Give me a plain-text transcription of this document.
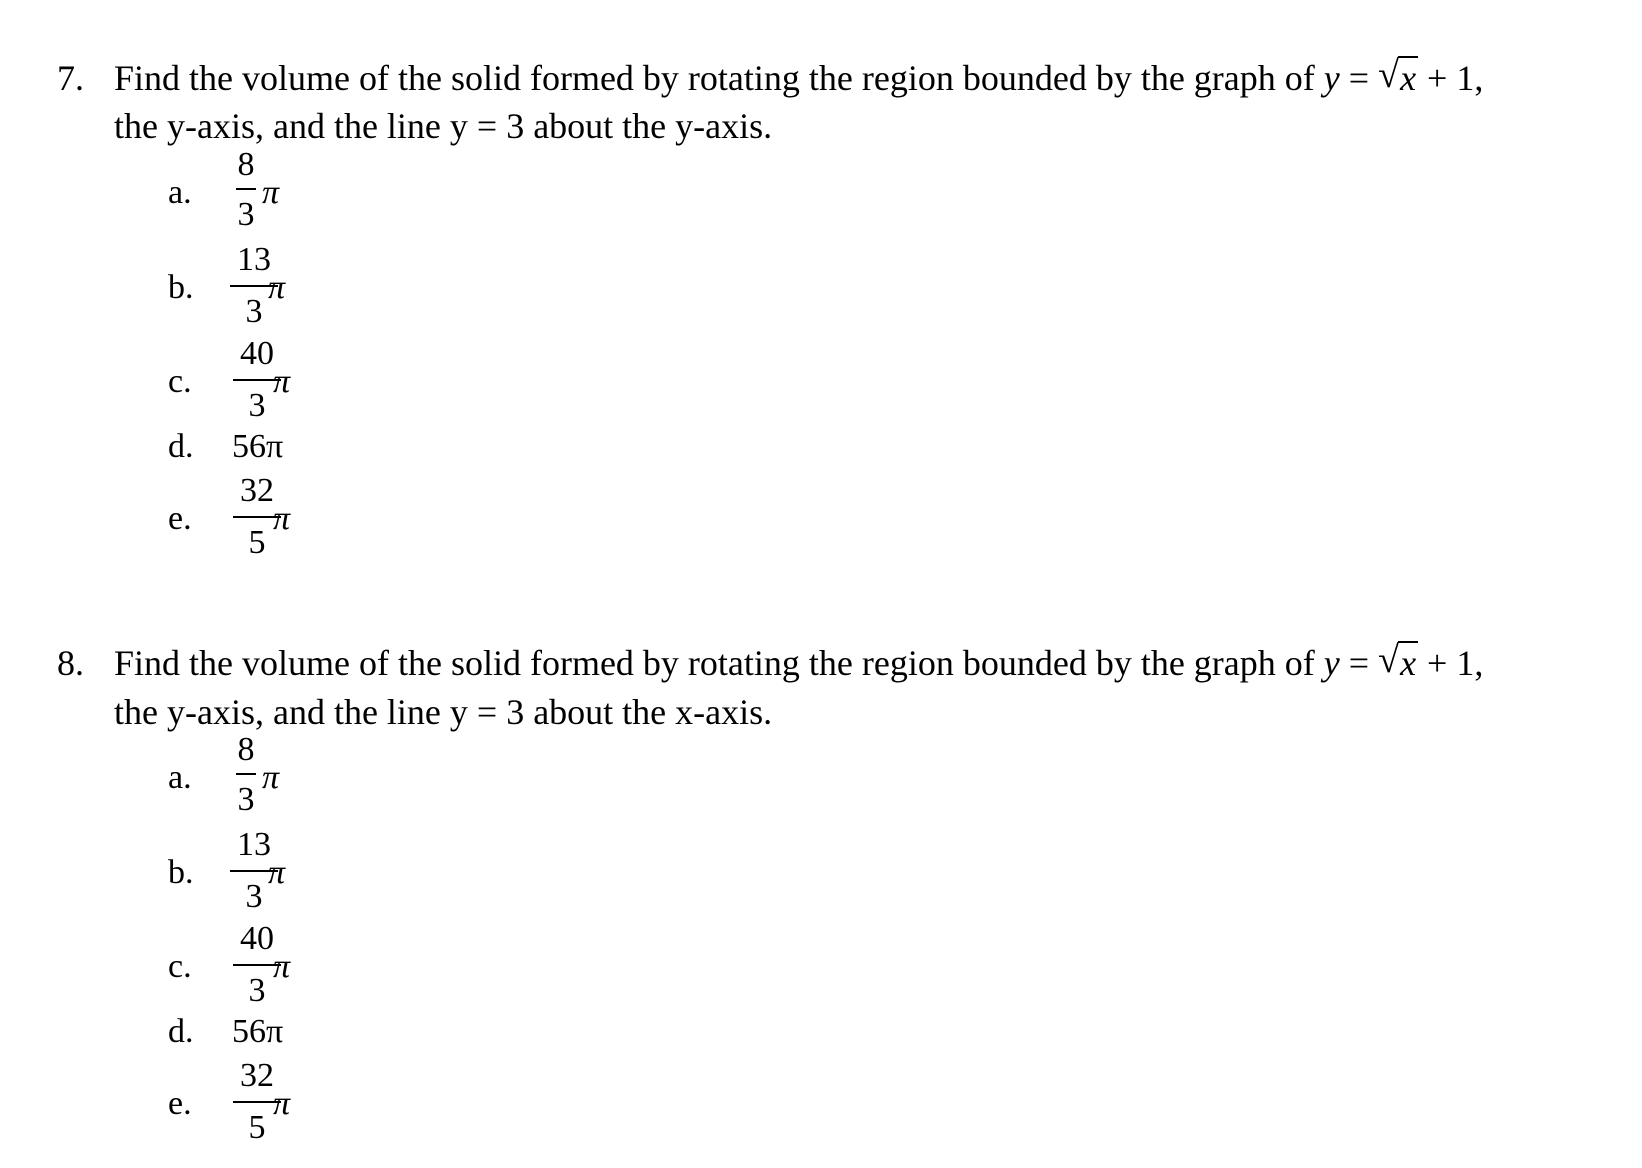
7. Find the volume of the solid formed by rotating the region bounded by the graph of y = √ x + 1,
the y-axis, and the line y = 3 about the y-axis.
a.
8
3
π
b.
13
3
π
c.
40
3
π
d. 56π
e.
32
5
π
8. Find the volume of the solid formed by rotating the region bounded by the graph of y = √ x + 1,
the y-axis, and the line y = 3 about the x-axis.
a.
8
3
π
b.
13
3
π
c.
40
3
π
d. 56π
e.
32
5
π
